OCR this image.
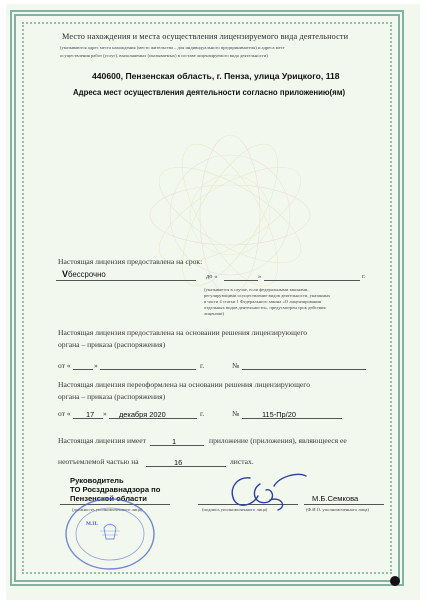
Место нахождения и места осуществления лицензируемого вида деятельности
(указываются адрес места нахождения (место жительства – для индивидуального предпринимателя) и адреса мест
осуществления работ (услуг), выполняемых (оказываемых) в составе лицензируемого вида деятельности)
440600, Пензенская область, г. Пенза, улица Урицкого, 118
Адреса мест осуществления деятельности согласно приложению(ям)
Настоящая лицензия предоставлена на срок:
V бессрочно	до «	»	г.
(указывается в случае, если федеральными законами,
регулирующими осуществление видов деятельности, указанных
в части 4 статьи 1 Федерального закона «О лицензировании
отдельных видов деятельности», предусмотрен срок действия
лицензии)
Настоящая лицензия предоставлена на основании решения лицензирующего
органа – приказа (распоряжения)
от «	»	г.	№
Настоящая лицензия переоформлена на основании решения лицензирующего
органа – приказа (распоряжения)
от « 17 » декабря 2020	г.	№	115-Пр/20
Настоящая лицензия имеет	1	приложение (приложения), являющееся ее
неотъемлемой частью на	16	листах.
Руководитель
ТО Росздравнадзора по
Пензенской области
(должность уполномоченного лица)	(подпись уполномоченного лица)
М.Б.Семкова
(Ф.И.О. уполномоченного лица)
М.П.
